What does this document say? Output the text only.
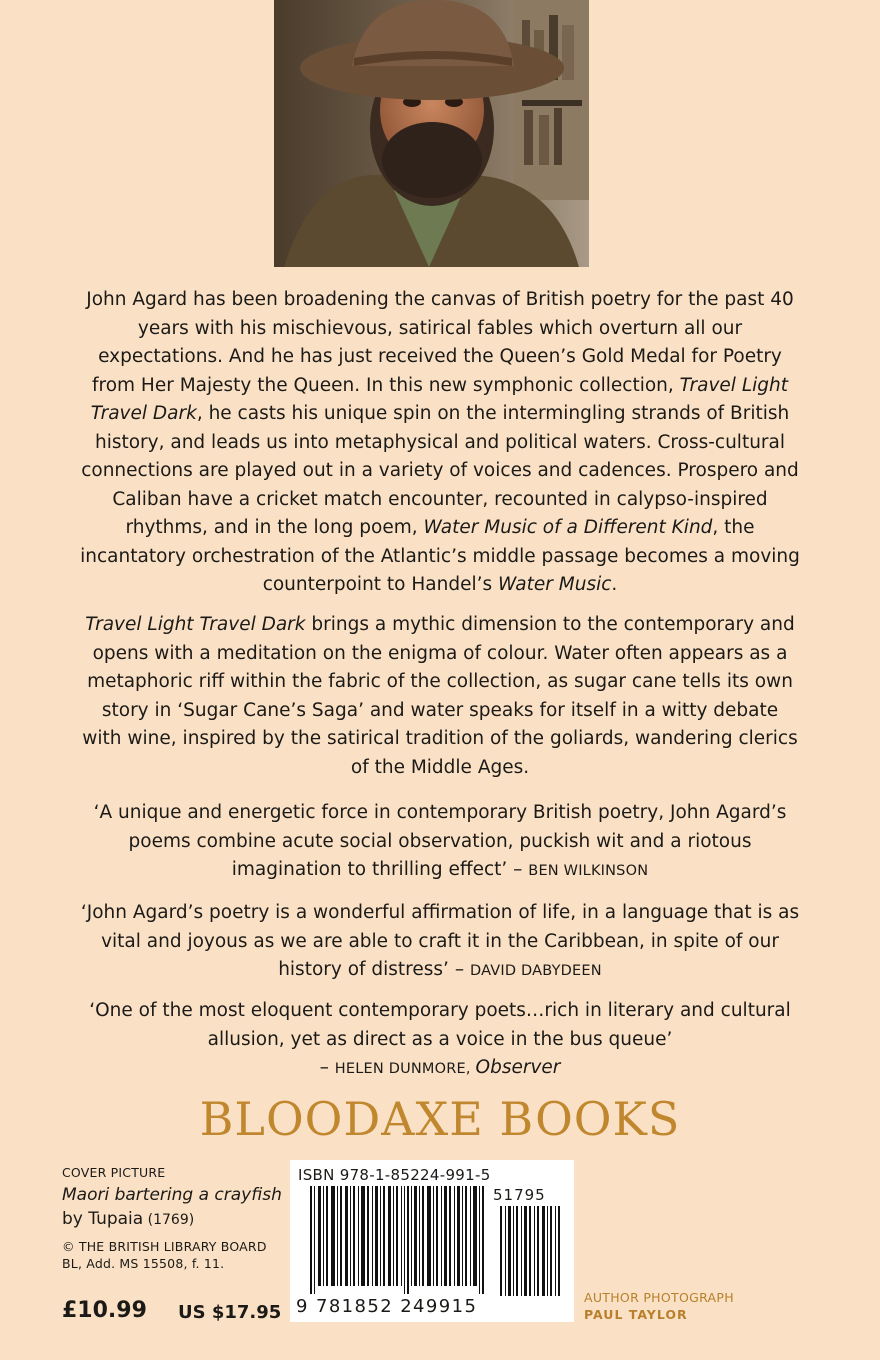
John Agard has been broadening the canvas of British poetry for the past 40 years with his mischievous, satirical fables which overturn all our expectations. And he has just received the Queen’s Gold Medal for Poetry from Her Majesty the Queen. In this new symphonic collection, Travel Light Travel Dark, he casts his unique spin on the intermingling strands of British history, and leads us into metaphysical and political waters. Cross-cultural connections are played out in a variety of voices and cadences. Prospero and Caliban have a cricket match encounter, recounted in calypso-inspired rhythms, and in the long poem, Water Music of a Different Kind, the incantatory orchestration of the Atlantic’s middle passage becomes a moving counterpoint to Handel’s Water Music.

Travel Light Travel Dark brings a mythic dimension to the contemporary and opens with a meditation on the enigma of colour. Water often appears as a metaphoric riff within the fabric of the collection, as sugar cane tells its own story in ‘Sugar Cane’s Saga’ and water speaks for itself in a witty debate with wine, inspired by the satirical tradition of the goliards, wandering clerics of the Middle Ages.

‘A unique and energetic force in contemporary British poetry, John Agard’s poems combine acute social observation, puckish wit and a riotous imagination to thrilling effect’ – BEN WILKINSON

‘John Agard’s poetry is a wonderful affirmation of life, in a language that is as vital and joyous as we are able to craft it in the Caribbean, in spite of our history of distress’ – DAVID DABYDEEN

‘One of the most eloquent contemporary poets…rich in literary and cultural allusion, yet as direct as a voice in the bus queue’
– HELEN DUNMORE, Observer

BLOODAXE BOOKS
COVER PICTURE
Maori bartering a crayfish
by Tupaia (1769)
© THE BRITISH LIBRARY BOARD
BL, Add. MS 15508, f. 11.
£10.99 US $17.95
ISBN 978-1-85224-991-5
51795
9 781852 249915	AUTHOR PHOTOGRAPH
PAUL TAYLOR
